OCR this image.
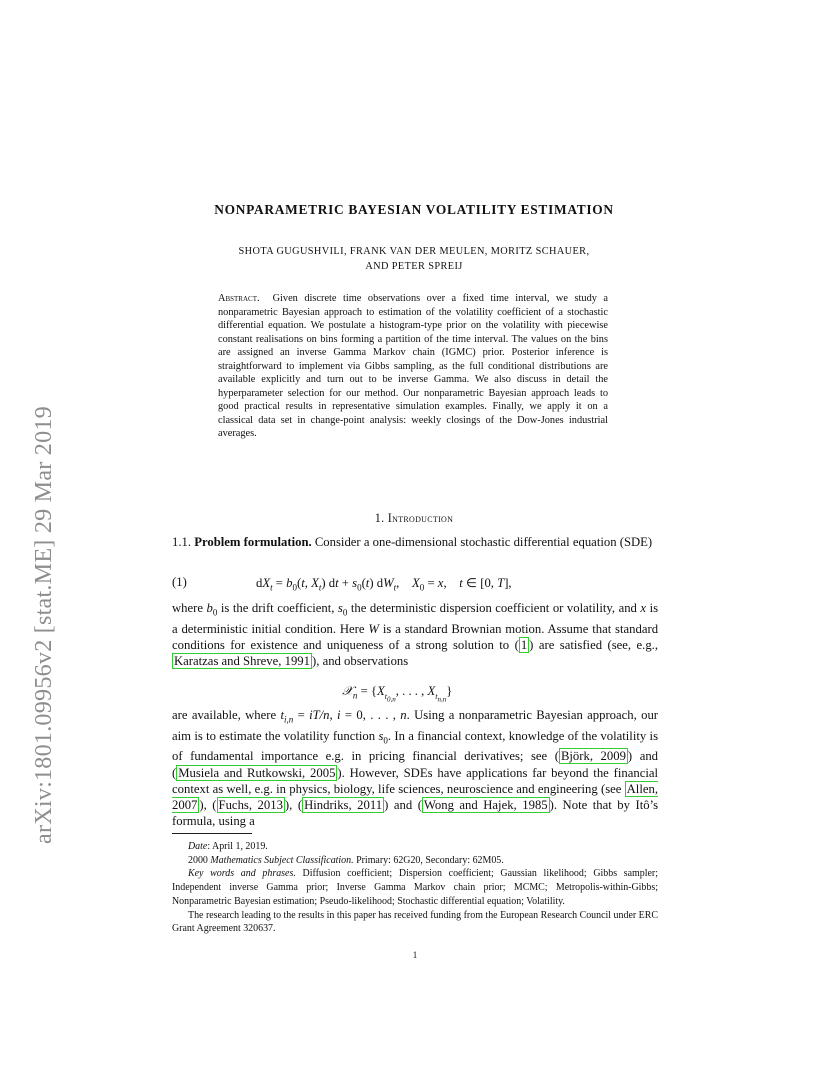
arXiv:1801.09956v2 [stat.ME] 29 Mar 2019
NONPARAMETRIC BAYESIAN VOLATILITY ESTIMATION
SHOTA GUGUSHVILI, FRANK VAN DER MEULEN, MORITZ SCHAUER,
AND PETER SPREIJ
Abstract. Given discrete time observations over a fixed time interval, we study a nonparametric Bayesian approach to estimation of the volatility coefficient of a stochastic differential equation. We postulate a histogram-type prior on the volatility with piecewise constant realisations on bins forming a partition of the time interval. The values on the bins are assigned an inverse Gamma Markov chain (IGMC) prior. Posterior inference is straightforward to implement via Gibbs sampling, as the full conditional distributions are available explicitly and turn out to be inverse Gamma. We also discuss in detail the hyperparameter selection for our method. Our nonparametric Bayesian approach leads to good practical results in representative simulation examples. Finally, we apply it on a classical data set in change-point analysis: weekly closings of the Dow-Jones industrial averages.
1. Introduction
1.1. Problem formulation. Consider a one-dimensional stochastic differential equation (SDE)
(1)	$dX_t = b_0(t$, $X_t$) dt + $s_0(t)$ $dW_t$,    $X_0 = x$,    t ∈ [0, T],
where $b_0$ is the drift coefficient, $s_0$ the deterministic dispersion coefficient or volatility, and x is a deterministic initial condition. Here W is a standard Brownian motion. Assume that standard conditions for existence and uniqueness of a strong solution to ( 1 ) are satisfied (see, e.g., Karatzas and Shreve, 1991 ), and observations
𝒳$_n$ = {$X_{t_{0,n}}$, . . . , $X_{t_{n,n}}$}
are available, where $t_{i,n} = iT/n$, i = 0, . . . , n. Using a nonparametric Bayesian approach, our aim is to estimate the volatility function $s_0$. In a financial context, knowledge of the volatility is of fundamental importance e.g. in pricing financial derivatives; see ( Björk, 2009 ) and ( Musiela and Rutkowski, 2005 ). However, SDEs have applications far beyond the financial context as well, e.g. in physics, biology, life sciences, neuroscience and engineering (see Allen, 2007 ), ( Fuchs, 2013 ), ( Hindriks, 2011 ) and ( Wong and Hajek, 1985 ). Note that by Itô’s formula, using a

Date: April 1, 2019.

2000 Mathematics Subject Classification. Primary: 62G20, Secondary: 62M05.

Key words and phrases. Diffusion coefficient; Dispersion coefficient; Gaussian likelihood; Gibbs sampler; Independent inverse Gamma prior; Inverse Gamma Markov chain prior; MCMC; Metropolis-within-Gibbs; Nonparametric Bayesian estimation; Pseudo-likelihood; Stochastic differential equation; Volatility.

The research leading to the results in this paper has received funding from the European Research Council under ERC Grant Agreement 320637.

1
